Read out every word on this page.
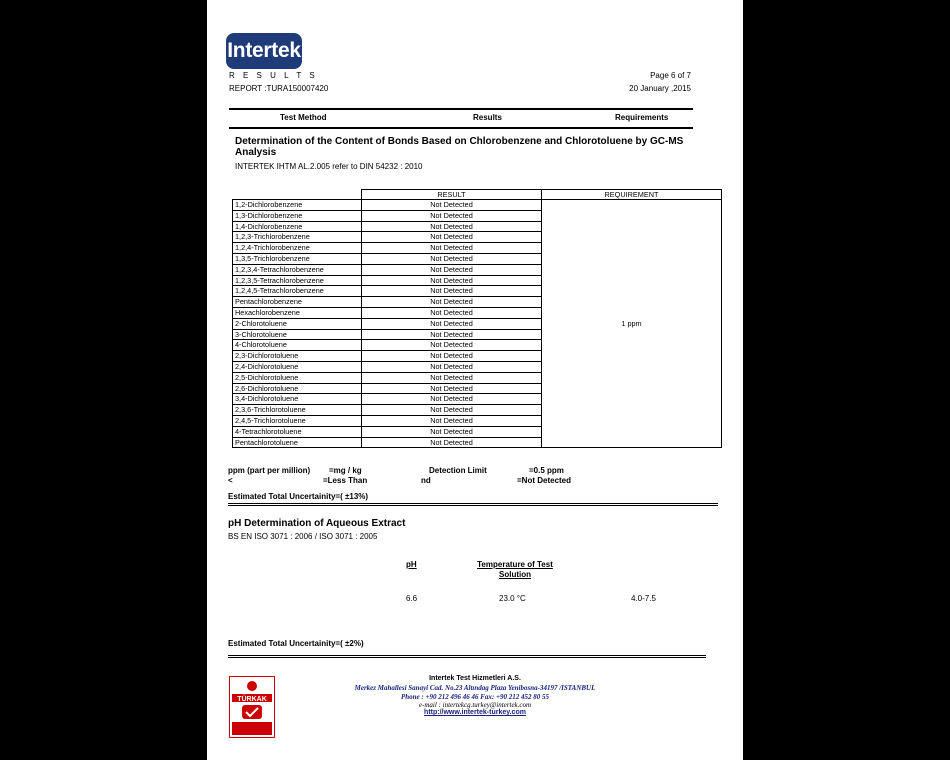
Intertek
R E S U L T S
REPORT :TURA150007420
Page 6 of 7
20 January ,2015
Test Method	Results	Requirements
Determination of the Content of Bonds Based on Chlorobenzene and Chlorotoluene by GC-MS Analysis
INTERTEK IHTM AL.2.005 refer to DIN 54232 : 2010
	RESULT	REQUIREMENT
1,2-Dichlorobenzene	Not Detected	1 ppm
1,3-Dichlorobenzene	Not Detected	
1,4-Dichlorobenzene	Not Detected	
1,2,3-Trichlorobenzene	Not Detected	
1,2,4-Trichlorobenzene	Not Detected	
1,3,5-Trichlorobenzene	Not Detected	
1,2,3,4-Tetrachlorobenzene	Not Detected	
1,2,3,5-Tetrachlorobenzene	Not Detected	
1,2,4,5-Tetrachlorobenzene	Not Detected	
Pentachlorobenzene	Not Detected	
Hexachlorobenzene	Not Detected	
2-Chlorotoluene	Not Detected	
3-Chlorotoluene	Not Detected	
4-Chlorotoluene	Not Detected	
2,3-Dichlorotoluene	Not Detected	
2,4-Dichlorotoluene	Not Detected	
2,5-Dichlorotoluene	Not Detected	
2,6-Dichlorotoluene	Not Detected	
3,4-Dichlorotoluene	Not Detected	
2,3,6-Trichlorotoluene	Not Detected	
2,4,5-Trichlorotoluene	Not Detected	
4-Tetrachlorotoluene	Not Detected	
Pentachlorotoluene	Not Detected	
ppm (part per million) =mg / kg	Detection Limit	=0.5 ppm
<	=Less Than	nd	=Not Detected
Estimated Total Uncertainity=( ±13%)
pH Determination of Aqueous Extract
BS EN ISO 3071 : 2006 / ISO 3071 : 2005
pH	Temperature of Test
Solution
6.6	23.0 °C	4.0-7.5
Estimated Total Uncertainity=( ±2%)
TÜRKAK
Intertek Test Hizmetleri A.S.
Merkez Mahallesi Sanayi Cad. No.23 Altındag Plaza Yenibosna-34197 /ISTANBUL
Phone : +90 212 496 46 46 Fax: +90 212 452 80 55
e-mail : intertekcg.turkey@intertek.com
http://www.intertek-turkey.com
